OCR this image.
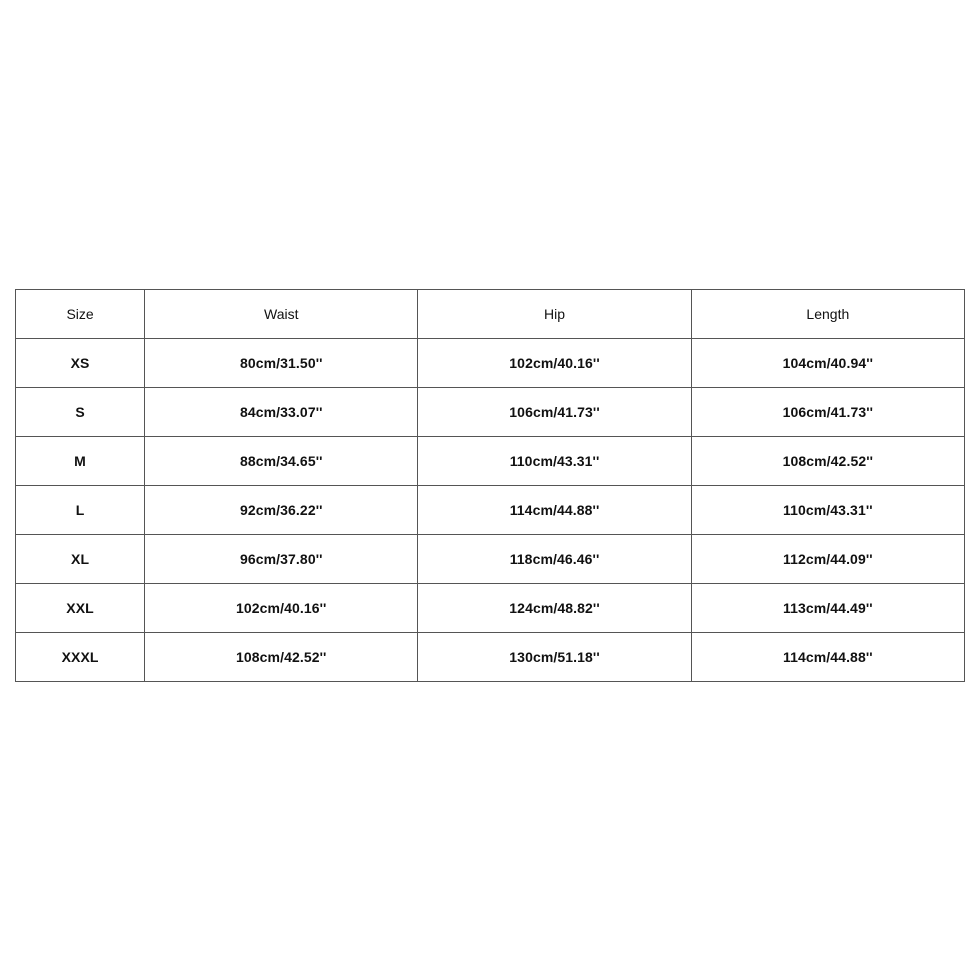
Size	Waist	Hip	Length
XS	80cm/31.50''	102cm/40.16''	104cm/40.94''
S	84cm/33.07''	106cm/41.73''	106cm/41.73''
M	88cm/34.65''	110cm/43.31''	108cm/42.52''
L	92cm/36.22''	114cm/44.88''	110cm/43.31''
XL	96cm/37.80''	118cm/46.46''	112cm/44.09''
XXL	102cm/40.16''	124cm/48.82''	113cm/44.49''
XXXL	108cm/42.52''	130cm/51.18''	114cm/44.88''
